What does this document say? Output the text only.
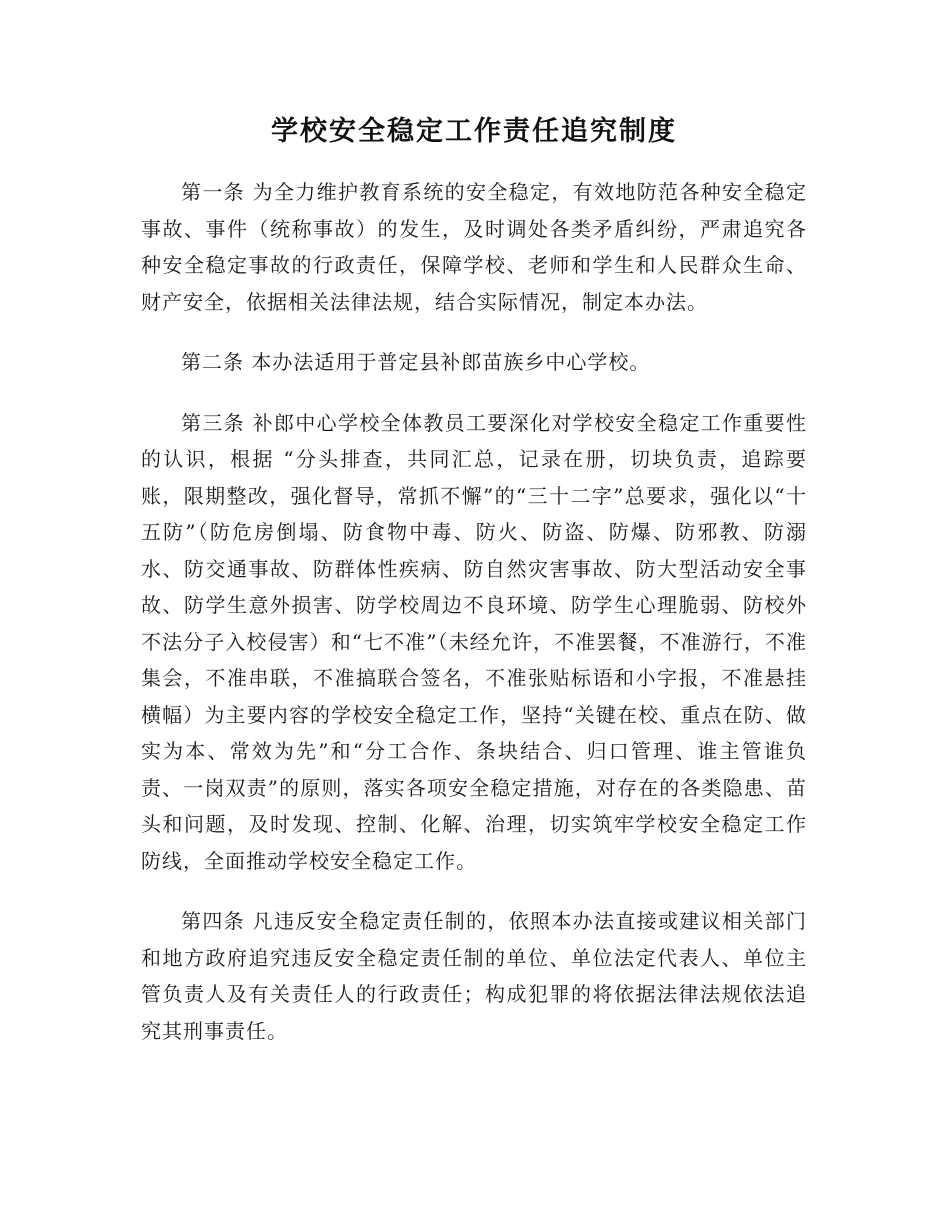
学校安全稳定工作责任追究制度

第一条 为全力维护教育系统的安全稳定，有效地防范各种安全稳定事故、事件（统称事故）的发生，及时调处各类矛盾纠纷，严肃追究各种安全稳定事故的行政责任，保障学校、老师和学生和人民群众生命、财产安全，依据相关法律法规，结合实际情况，制定本办法。

第二条 本办法适用于普定县补郎苗族乡中心学校。

第三条 补郎中心学校全体教员工要深化对学校安全稳定工作重要性的认识，根据 “分头排查，共同汇总，记录在册，切块负责，追踪要账，限期整改，强化督导，常抓不懈”的“三十二字”总要求，强化以“十五防”（防危房倒塌、防食物中毒、防火、防盗、防爆、防邪教、防溺水、防交通事故、防群体性疾病、防自然灾害事故、防大型活动安全事故、防学生意外损害、防学校周边不良环境、防学生心理脆弱、防校外不法分子入校侵害）和“七不准”（未经允许，不准罢餐，不准游行，不准集会，不准串联，不准搞联合签名，不准张贴标语和小字报，不准悬挂横幅）为主要内容的学校安全稳定工作，坚持“关键在校、重点在防、做实为本、常效为先”和“分工合作、条块结合、归口管理、谁主管谁负责、一岗双责”的原则，落实各项安全稳定措施，对存在的各类隐患、苗头和问题，及时发现、控制、化解、治理，切实筑牢学校安全稳定工作防线，全面推动学校安全稳定工作。

第四条 凡违反安全稳定责任制的，依照本办法直接或建议相关部门和地方政府追究违反安全稳定责任制的单位、单位法定代表人、单位主管负责人及有关责任人的行政责任；构成犯罪的将依据法律法规依法追究其刑事责任。
